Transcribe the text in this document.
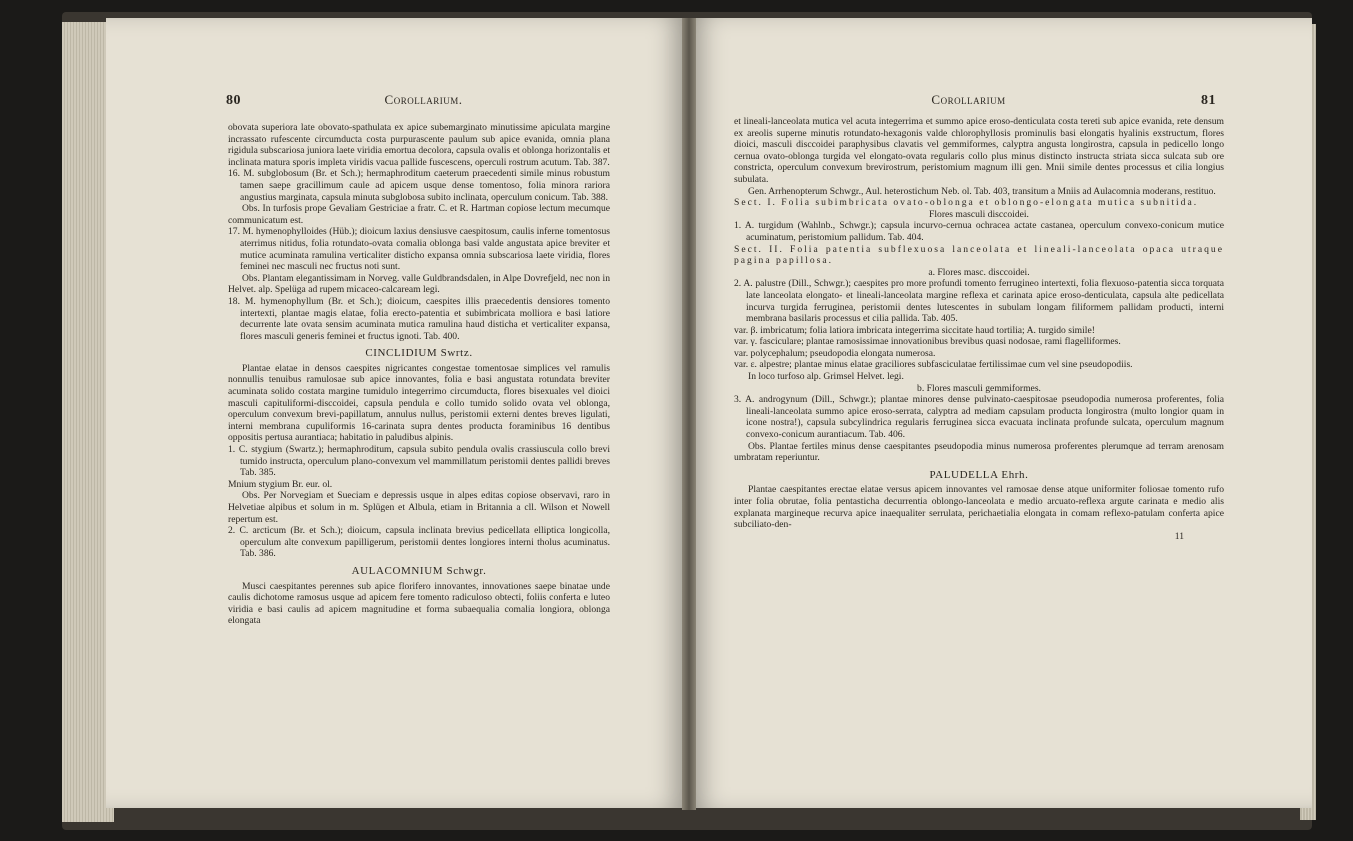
80	Corollarium.

obovata superiora late obovato-spathulata ex apice subemarginato minutissime apiculata margine incrassato rufescente circumducta costa purpurascente paulum sub apice evanida, omnia plana rigidula subscariosa juniora laete viridia emortua decolora, capsula ovalis et oblonga horizontalis et inclinata matura sporis impleta viridis vacua pallide fuscescens, operculi rostrum acutum. Tab. 387.

16. M. subglobosum (Br. et Sch.); hermaphroditum caeterum praecedenti simile minus robustum tamen saepe gracillimum caule ad apicem usque dense tomentoso, folia minora rariora angustius marginata, capsula minuta subglobosa subito inclinata, operculum conicum. Tab. 388.

Obs. In turfosis prope Gevaliam Gestriciae a fratr. C. et R. Hartman copiose lectum mecumque communicatum est.

17. M. hymenophylloides (Hüb.); dioicum laxius densiusve caespitosum, caulis inferne tomentosus aterrimus nitidus, folia rotundato-ovata comalia oblonga basi valde angustata apice breviter et mutice acuminata ramulina verticaliter disticho expansa omnia subscariosa laete viridia, flores feminei nec masculi nec fructus noti sunt.

Obs. Plantam elegantissimam in Norveg. valle Guldbrandsdalen, in Alpe Dovrefjeld, nec non in Helvet. alp. Spelüga ad rupem micaceo-calcaream legi.

18. M. hymenophyllum (Br. et Sch.); dioicum, caespites illis praecedentis densiores tomento intertexti, plantae magis elatae, folia erecto-patentia et subimbricata molliora e basi latiore decurrente late ovata sensim acuminata mutica ramulina haud disticha et verticaliter expansa, flores masculi generis feminei et fructus ignoti. Tab. 400.

CINCLIDIUM Swrtz.

Plantae elatae in densos caespites nigricantes congestae tomentosae simplices vel ramulis nonnullis tenuibus ramulosae sub apice innovantes, folia e basi angustata rotundata breviter acuminata solido costata margine tumidulo integerrimo circumducta, flores bisexuales vel dioici masculi capituliformi-disccoidei, capsula pendula e collo tumido solido ovata vel oblonga, operculum convexum brevi-papillatum, annulus nullus, peristomii externi dentes breves ligulati, interni membrana cupuliformis 16-carinata supra dentes producta foraminibus 16 dentibus oppositis pertusa aurantiaca; habitatio in paludibus alpinis.

1. C. stygium (Swartz.); hermaphroditum, capsula subito pendula ovalis crassiuscula collo brevi tumido instructa, operculum plano-convexum vel mammillatum peristomii dentes pallidi breves Tab. 385.

Mnium stygium Br. eur. ol.

Obs. Per Norvegiam et Sueciam e depressis usque in alpes editas copiose observavi, raro in Helvetiae alpibus et solum in m. Splügen et Albula, etiam in Britannia a cll. Wilson et Nowell repertum est.

2. C. arcticum (Br. et Sch.); dioicum, capsula inclinata brevius pedicellata elliptica longicolla, operculum alte convexum papilligerum, peristomii dentes longiores interni tholus acuminatus. Tab. 386.

AULACOMNIUM Schwgr.

Musci caespitantes perennes sub apice florifero innovantes, innovationes saepe binatae unde caulis dichotome ramosus usque ad apicem fere tomento radiculoso obtecti, foliis conferta e luteo viridia e basi caulis ad apicem magnitudine et forma subaequalia comalia longiora, oblonga elongata

Corollarium	81

et lineali-lanceolata mutica vel acuta integerrima et summo apice eroso-denticulata costa tereti sub apice evanida, rete densum ex areolis superne minutis rotundato-hexagonis valde chlorophyllosis prominulis basi elongatis hyalinis exstructum, flores dioici, masculi disccoidei paraphysibus clavatis vel gemmiformes, calyptra angusta longirostra, capsula in pedicello longo cernua ovato-oblonga turgida vel elongato-ovata regularis collo plus minus distincto instructa striata sicca sulcata sub ore constricta, operculum convexum brevirostrum, peristomium magnum illi gen. Mnii simile dentes processus et cilia longius subulata.

Gen. Arrhenopterum Schwgr., Aul. heterostichum Neb. ol. Tab. 403, transitum a Mniis ad Aulacomnia moderans, restituo.

Sect. I. Folia subimbricata ovato-oblonga et oblongo-elongata mutica subnitida.

Flores masculi disccoidei.

1. A. turgidum (Wahlnb., Schwgr.); capsula incurvo-cernua ochracea actate castanea, operculum convexo-conicum mutice acuminatum, peristomium pallidum. Tab. 404.

Sect. II. Folia patentia subflexuosa lanceolata et lineali-lanceolata opaca utraque pagina papillosa.

a. Flores masc. disccoidei.

2. A. palustre (Dill., Schwgr.); caespites pro more profundi tomento ferrugineo intertexti, folia flexuoso-patentia sicca torquata late lanceolata elongato- et lineali-lanceolata margine reflexa et carinata apice eroso-denticulata, capsula alte pedicellata incurva turgida ferruginea, peristomii dentes lutescentes in subulam longam filiformem pallidam producti, interni membrana basilaris processus et cilia pallida. Tab. 405.

var. β. imbricatum; folia latiora imbricata integerrima siccitate haud tortilia; A. turgido simile!

var. γ. fasciculare; plantae ramosissimae innovationibus brevibus quasi nodosae, rami flagelliformes.

var. polycephalum; pseudopodia elongata numerosa.

var. ε. alpestre; plantae minus elatae graciliores subfasciculatae fertilissimae cum vel sine pseudopodiis.

In loco turfoso alp. Grimsel Helvet. legi.

b. Flores masculi gemmiformes.

3. A. androgynum (Dill., Schwgr.); plantae minores dense pulvinato-caespitosae pseudopodia numerosa proferentes, folia lineali-lanceolata summo apice eroso-serrata, calyptra ad mediam capsulam producta longirostra (multo longior quam in icone nostra!), capsula subcylindrica regularis ferruginea sicca evacuata inclinata profunde sulcata, operculum magnum convexo-conicum aurantiacum. Tab. 406.

Obs. Plantae fertiles minus dense caespitantes pseudopodia minus numerosa proferentes plerumque ad terram arenosam umbratam reperiuntur.

PALUDELLA Ehrh.

Plantae caespitantes erectae elatae versus apicem innovantes vel ramosae dense atque uniformiter foliosae tomento rufo inter folia obrutae, folia pentasticha decurrentia oblongo-lanceolata e medio arcuato-reflexa argute carinata e medio alis explanata margineque recurva apice inaequaliter serrulata, perichaetialia elongata in comam reflexo-patulam conferta apice subciliato-den-

11
